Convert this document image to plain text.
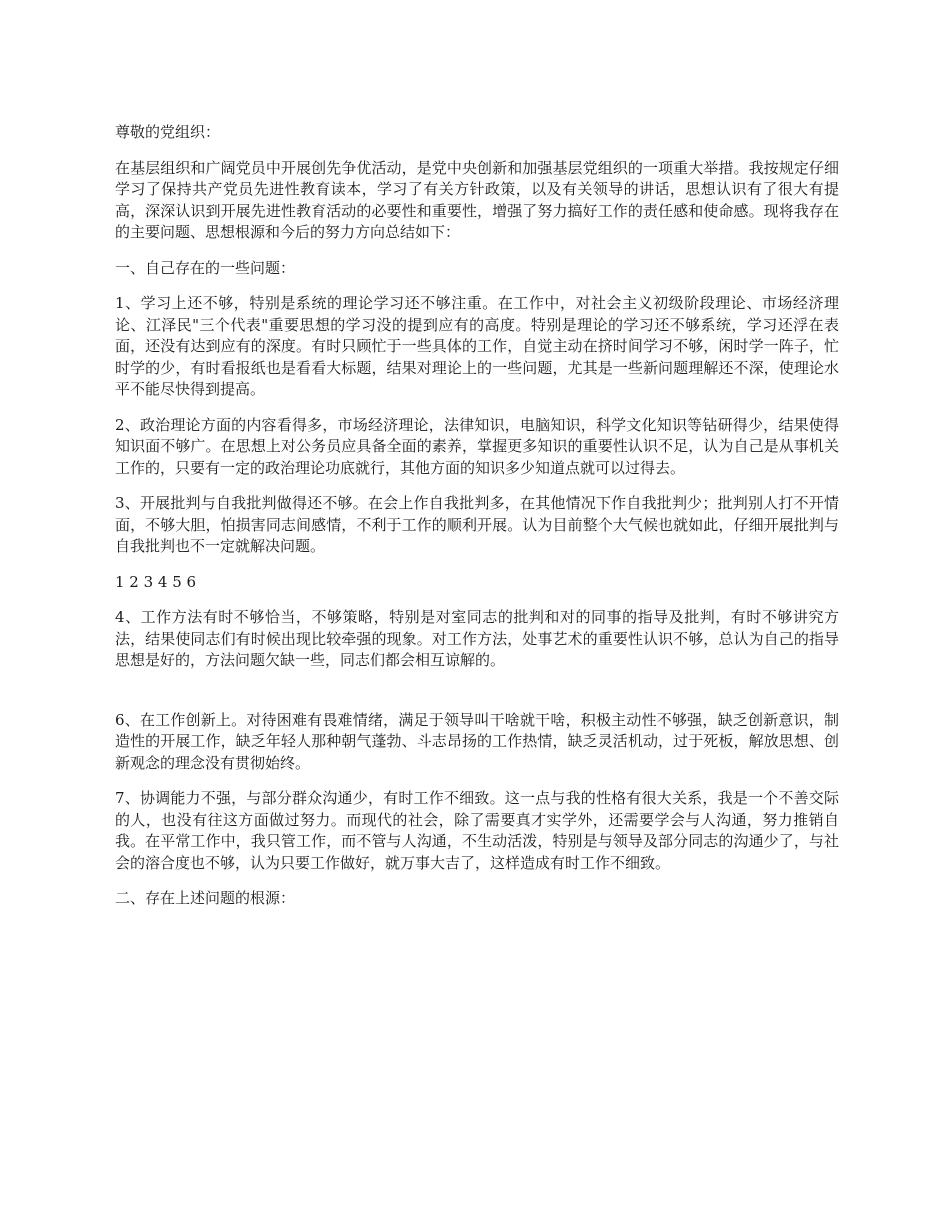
尊敬的党组织：

在基层组织和广阔党员中开展创先争优活动，是党中央创新和加强基层党组织的一项重大举措。我按规定仔细学习了保持共产党员先进性教育读本，学习了有关方针政策，以及有关领导的讲话，思想认识有了很大有提高，深深认识到开展先进性教育活动的必要性和重要性，增强了努力搞好工作的责任感和使命感。现将我存在的主要问题、思想根源和今后的努力方向总结如下：

一、自己存在的一些问题：

1、学习上还不够，特别是系统的理论学习还不够注重。在工作中，对社会主义初级阶段理论、市场经济理论、江泽民"三个代表"重要思想的学习没的提到应有的高度。特别是理论的学习还不够系统，学习还浮在表面，还没有达到应有的深度。有时只顾忙于一些具体的工作，自觉主动在挤时间学习不够，闲时学一阵子，忙时学的少，有时看报纸也是看看大标题，结果对理论上的一些问题，尤其是一些新问题理解还不深，使理论水平不能尽快得到提高。

2、政治理论方面的内容看得多，市场经济理论，法律知识，电脑知识，科学文化知识等钻研得少，结果使得知识面不够广。在思想上对公务员应具备全面的素养，掌握更多知识的重要性认识不足，认为自己是从事机关工作的，只要有一定的政治理论功底就行，其他方面的知识多少知道点就可以过得去。

3、开展批判与自我批判做得还不够。在会上作自我批判多，在其他情况下作自我批判少；批判别人打不开情面，不够大胆，怕损害同志间感情，不利于工作的顺利开展。认为目前整个大气候也就如此，仔细开展批判与自我批判也不一定就解决问题。

1 2 3 4 5 6

4、工作方法有时不够恰当，不够策略，特别是对室同志的批判和对的同事的指导及批判，有时不够讲究方法，结果使同志们有时候出现比较牵强的现象。对工作方法，处事艺术的重要性认识不够，总认为自己的指导思想是好的，方法问题欠缺一些，同志们都会相互谅解的。

6、在工作创新上。对待困难有畏难情绪，满足于领导叫干啥就干啥，积极主动性不够强，缺乏创新意识，制造性的开展工作，缺乏年轻人那种朝气蓬勃、斗志昂扬的工作热情，缺乏灵活机动，过于死板，解放思想、创新观念的理念没有贯彻始终。

7、协调能力不强，与部分群众沟通少，有时工作不细致。这一点与我的性格有很大关系，我是一个不善交际的人，也没有往这方面做过努力。而现代的社会，除了需要真才实学外，还需要学会与人沟通，努力推销自我。在平常工作中，我只管工作，而不管与人沟通，不生动活泼，特别是与领导及部分同志的沟通少了，与社会的溶合度也不够，认为只要工作做好，就万事大吉了，这样造成有时工作不细致。

二、存在上述问题的根源：
